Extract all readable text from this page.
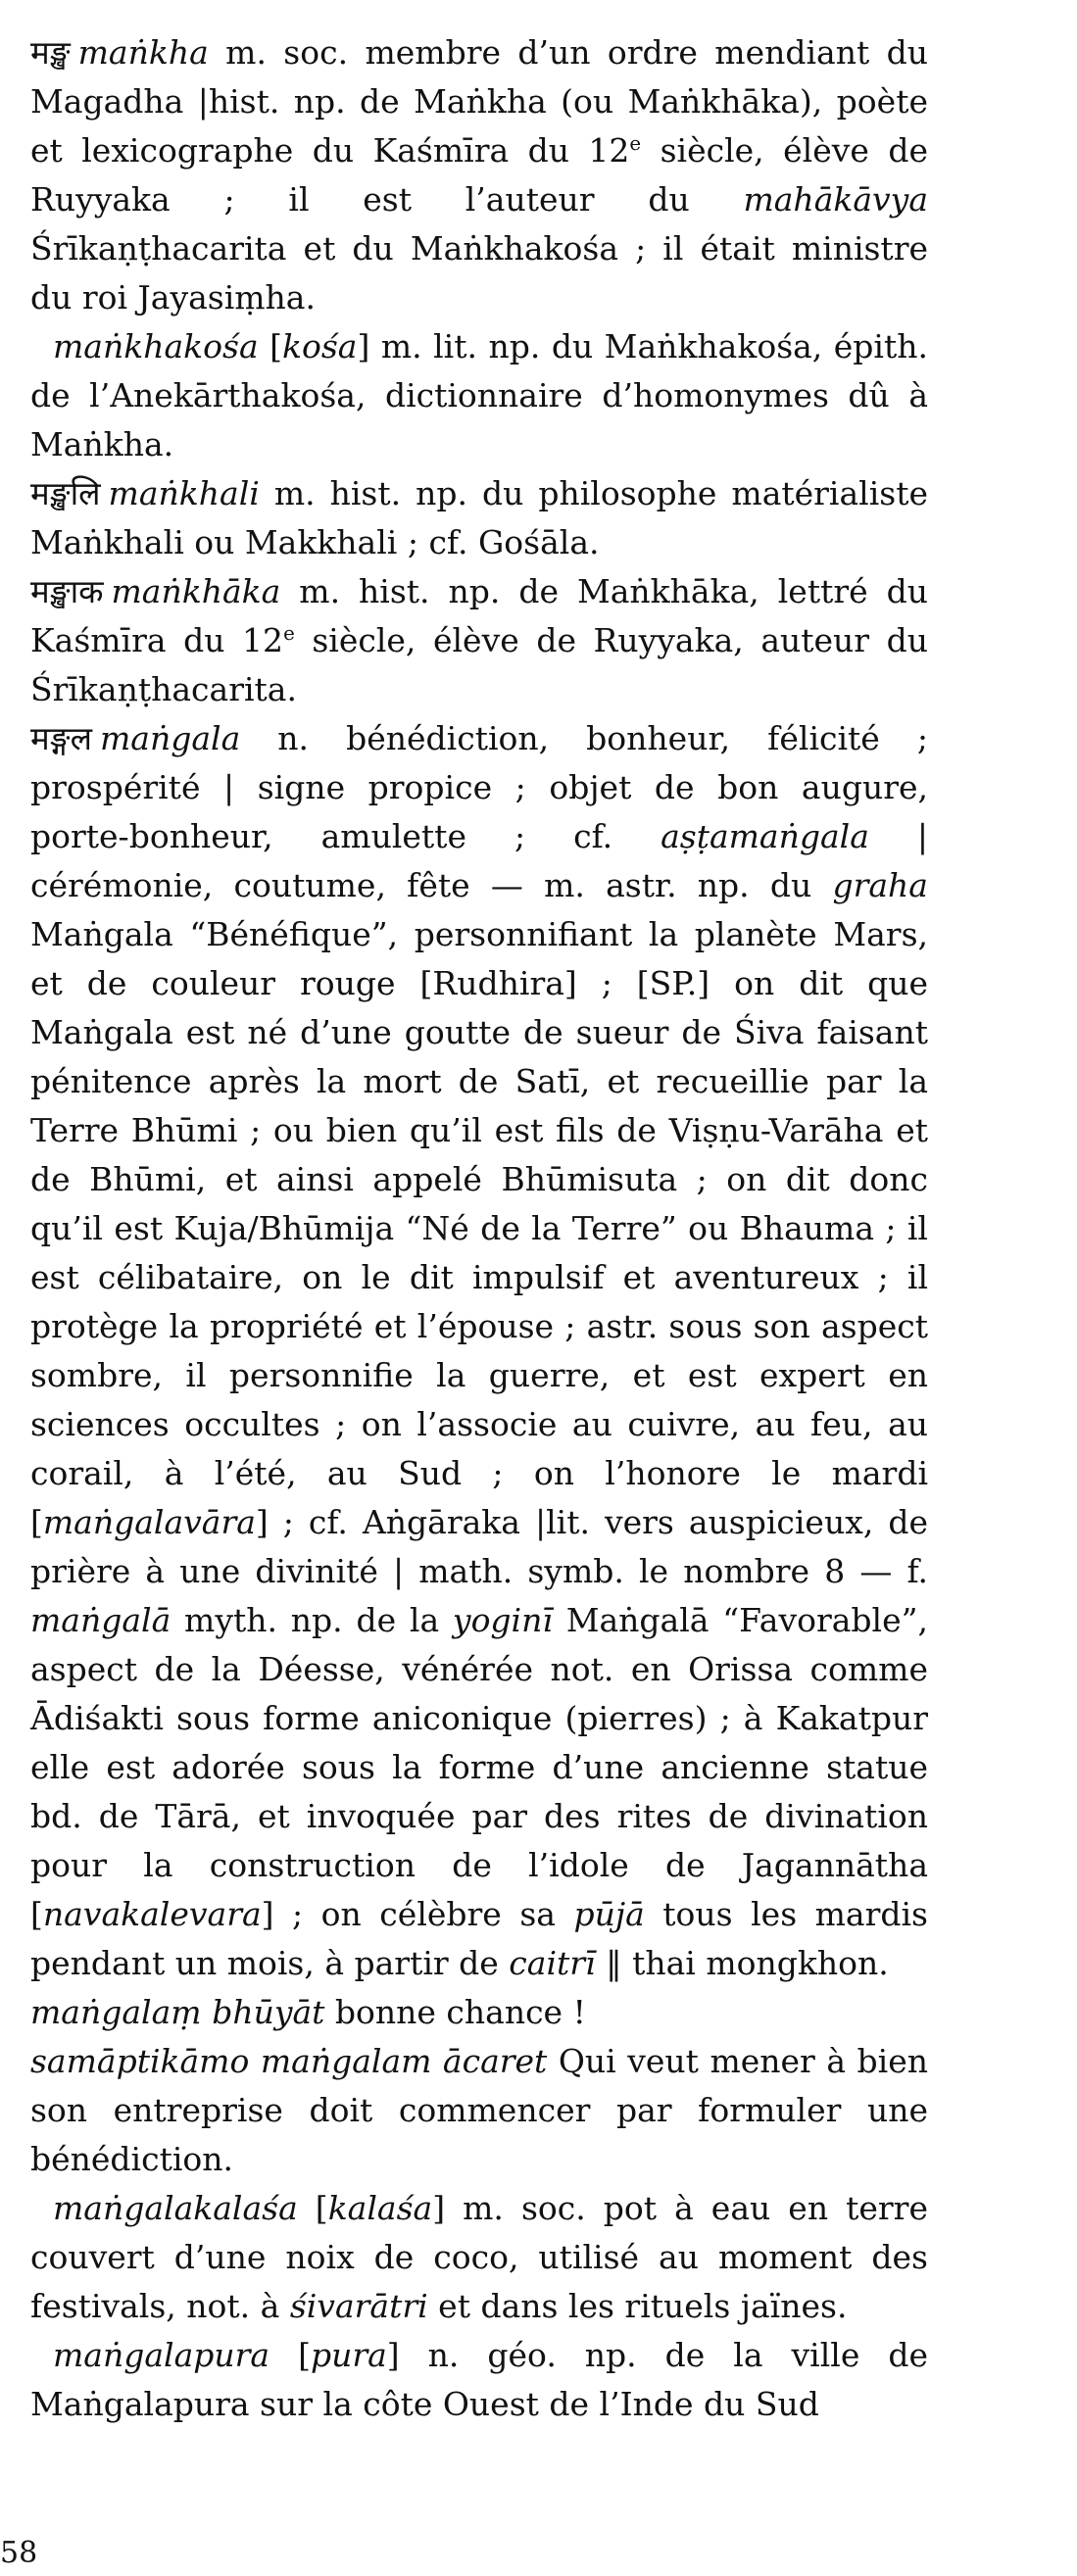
मङ्ख maṅkha m. soc. membre d’un ordre mendiant du Magadha |hist. np. de Maṅkha (ou Maṅkhāka), poète et lexicographe du Kaśmīra du 12e siècle, élève de Ruyyaka ; il est l’auteur du mahākāvya Śrīkaṇṭhacarita et du Maṅkhakośa ; il était ministre du roi Jayasiṃha.

maṅkhakośa [kośa] m. lit. np. du Maṅkhakośa, épith. de l’Anekārthakośa, dictionnaire d’homonymes dû à Maṅkha.

मङ्खलि maṅkhali m. hist. np. du philosophe matérialiste Maṅkhali ou Makkhali ; cf. Gośāla.

मङ्खाक maṅkhāka m. hist. np. de Maṅkhāka, lettré du Kaśmīra du 12e siècle, élève de Ruyyaka, auteur du Śrīkaṇṭhacarita.

मङ्गल maṅgala n. bénédiction, bonheur, félicité ; prospérité | signe propice ; objet de bon augure, porte-bonheur, amulette ; cf. aṣṭamaṅgala | cérémonie, coutume, fête — m. astr. np. du graha Maṅgala “Bénéfique”, personnifiant la planète Mars, et de couleur rouge [Rudhira] ; [SP.] on dit que Maṅgala est né d’une goutte de sueur de Śiva faisant pénitence après la mort de Satī, et recueillie par la Terre Bhūmi ; ou bien qu’il est fils de Viṣṇu-Varāha et de Bhūmi, et ainsi appelé Bhūmisuta ; on dit donc qu’il est Kuja/Bhūmija “Né de la Terre” ou Bhauma ; il est célibataire, on le dit impulsif et aventureux ; il protège la propriété et l’épouse ; astr. sous son aspect sombre, il personnifie la guerre, et est expert en sciences occultes ; on l’associe au cuivre, au feu, au corail, à l’été, au Sud ; on l’honore le mardi [maṅgalavāra] ; cf. Aṅgāraka |lit. vers auspicieux, de prière à une divinité | math. symb. le nombre 8 — f. maṅgalā myth. np. de la yoginī Maṅgalā “Favorable”, aspect de la Déesse, vénérée not. en Orissa comme Ādiśakti sous forme aniconique (pierres) ; à Kakatpur elle est adorée sous la forme d’une ancienne statue bd. de Tārā, et invoquée par des rites de divination pour la construction de l’idole de Jagannātha [navakalevara] ; on célèbre sa pūjā tous les mardis pendant un mois, à partir de caitrī ‖ thai mongkhon.

maṅgalaṃ bhūyāt bonne chance !

samāptikāmo maṅgalam ācaret Qui veut mener à bien son entreprise doit commencer par formuler une bénédiction.

maṅgalakalaśa [kalaśa] m. soc. pot à eau en terre couvert d’une noix de coco, utilisé au moment des festivals, not. à śivarātri et dans les rituels jaïnes.

maṅgalapura [pura] n. géo. np. de la ville de Maṅgalapura sur la côte Ouest de l’Inde du Sud

58
